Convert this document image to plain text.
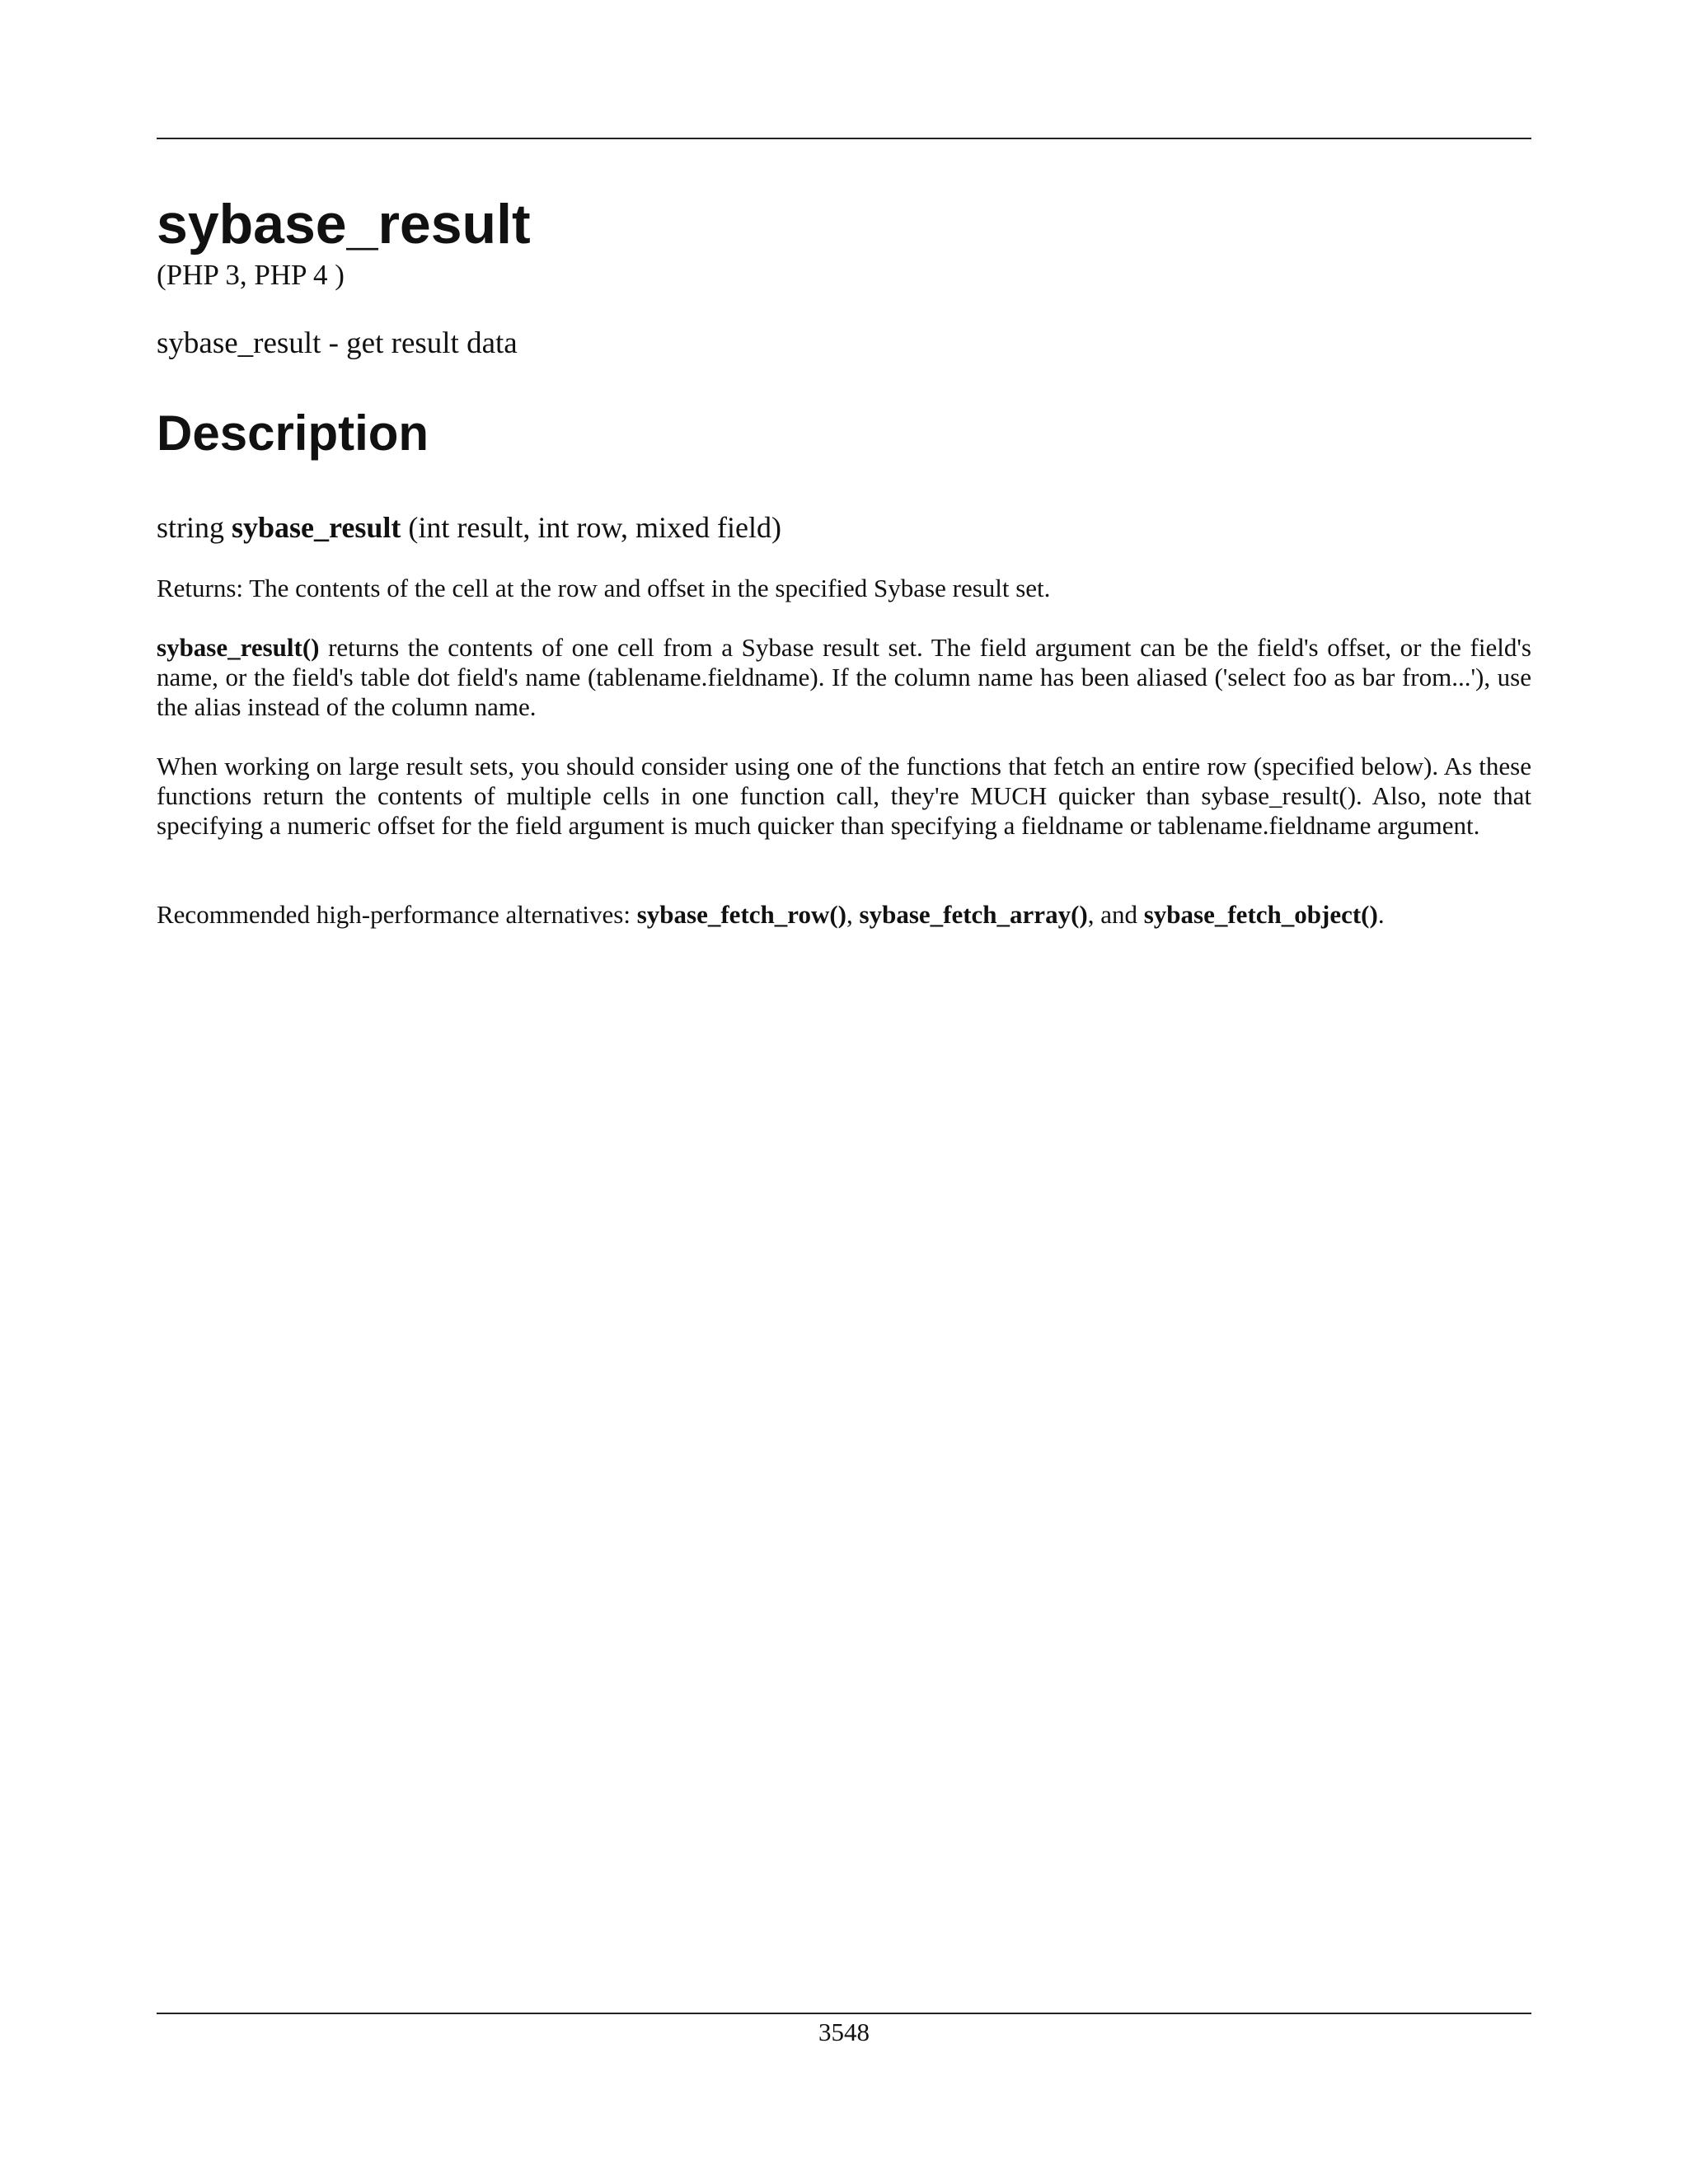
sybase_result
(PHP 3, PHP 4 )
sybase_result - get result data
Description
string sybase_result (int result, int row, mixed field)

Returns: The contents of the cell at the row and offset in the specified Sybase result set.

sybase_result() returns the contents of one cell from a Sybase result set. The field argument can be the field's offset, or the field's name, or the field's table dot field's name (tablename.fieldname). If the column name has been aliased ('select foo as bar from...'), use the alias instead of the column name.

When working on large result sets, you should consider using one of the functions that fetch an entire row (specified below). As these functions return the contents of multiple cells in one function call, they're MUCH quicker than sybase_result(). Also, note that specifying a numeric offset for the field argument is much quicker than specifying a fieldname or tablename.fieldname argument.

Recommended high-performance alternatives: sybase_fetch_row(), sybase_fetch_array(), and sybase_fetch_object().

3548
